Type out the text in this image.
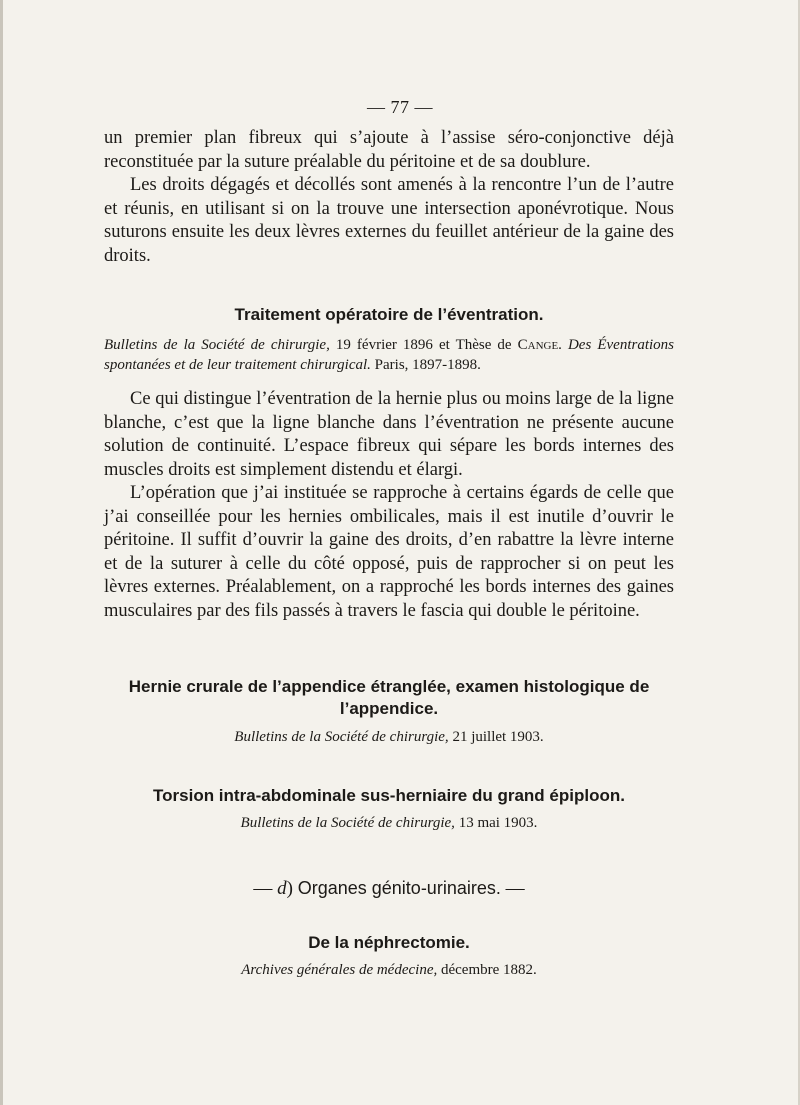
— 77 —

un premier plan fibreux qui s’ajoute à l’assise séro-conjonctive déjà reconstituée par la suture préalable du péritoine et de sa doublure.

Les droits dégagés et décollés sont amenés à la rencontre l’un de l’autre et réunis, en utilisant si on la trouve une intersection aponévrotique. Nous suturons ensuite les deux lèvres externes du feuillet antérieur de la gaine des droits.

Traitement opératoire de l’éventration.

Bulletins de la Société de chirurgie, 19 février 1896 et Thèse de Cange. Des Éventrations spontanées et de leur traitement chirurgical. Paris, 1897-1898.

Ce qui distingue l’éventration de la hernie plus ou moins large de la ligne blanche, c’est que la ligne blanche dans l’éventration ne présente aucune solution de continuité. L’espace fibreux qui sépare les bords internes des muscles droits est simplement distendu et élargi.

L’opération que j’ai instituée se rapproche à certains égards de celle que j’ai conseillée pour les hernies ombilicales, mais il est inutile d’ouvrir le péritoine. Il suffit d’ouvrir la gaine des droits, d’en rabattre la lèvre interne et de la suturer à celle du côté opposé, puis de rapprocher si on peut les lèvres externes. Préalablement, on a rapproché les bords internes des gaines musculaires par des fils passés à travers le fascia qui double le péritoine.

Hernie crurale de l’appendice étranglée, examen histologique de l’appendice.

Bulletins de la Société de chirurgie, 21 juillet 1903.

Torsion intra-abdominale sus-herniaire du grand épiploon.

Bulletins de la Société de chirurgie, 13 mai 1903.

— d) Organes génito-urinaires. —

De la néphrectomie.

Archives générales de médecine, décembre 1882.
